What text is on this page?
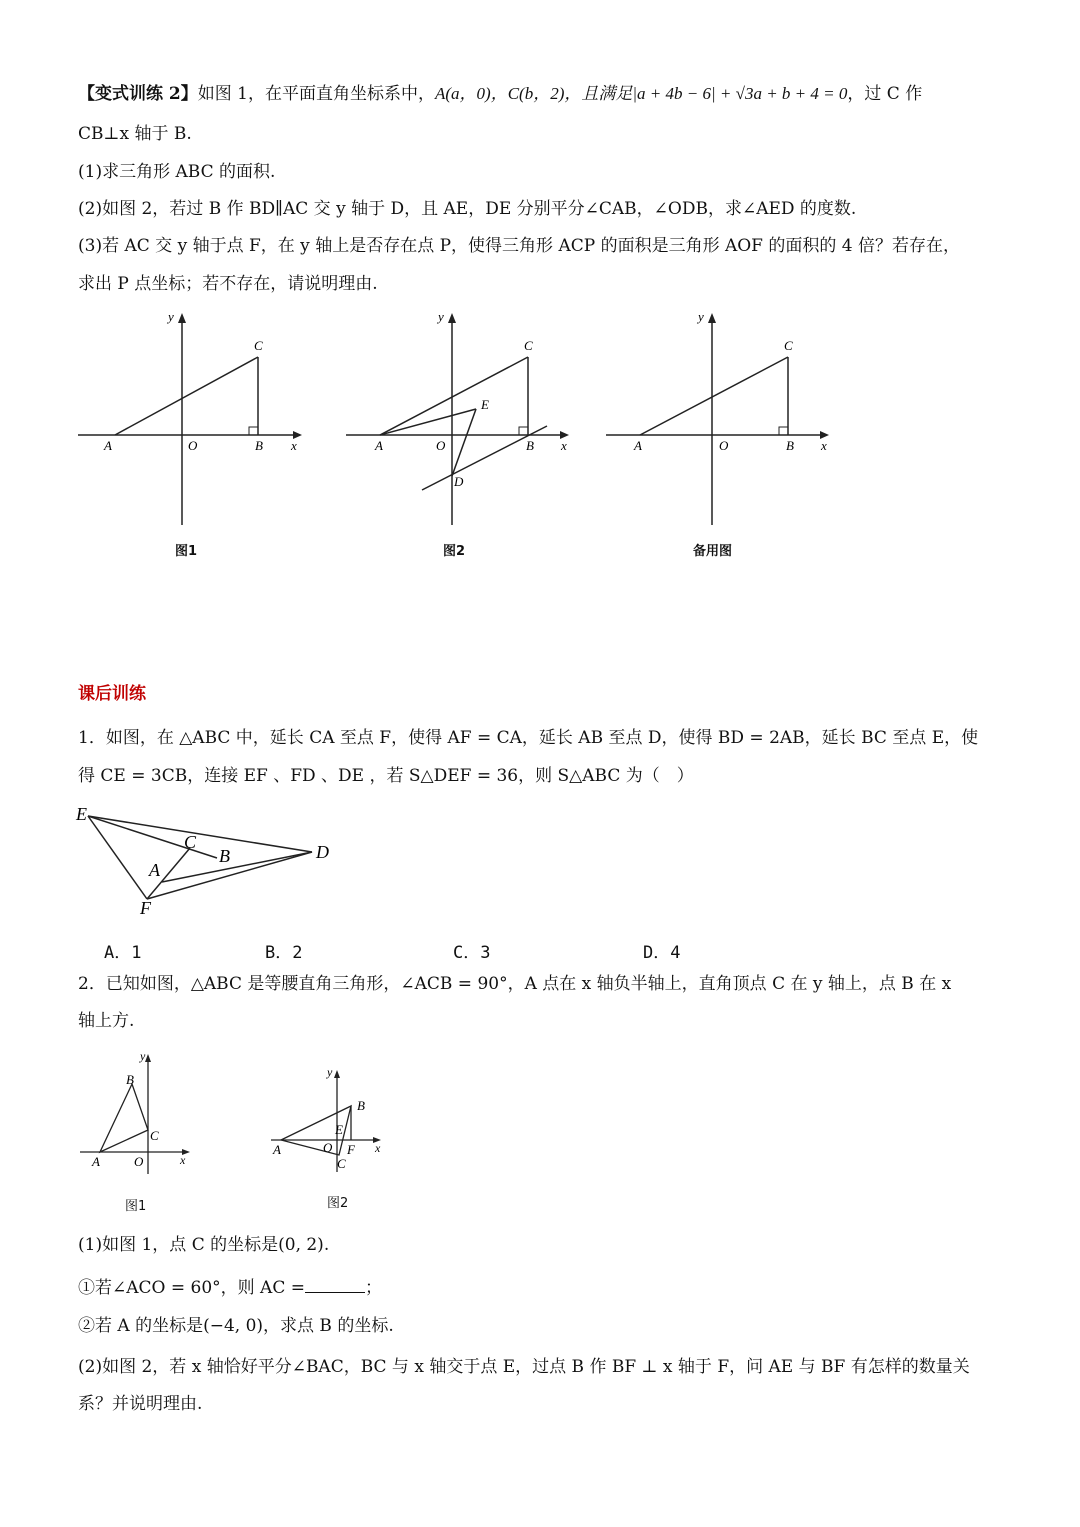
【变式训练 2】如图 1，在平面直角坐标系中，A(a，0)，C(b，2)，且满足|a + 4b − 6| + √3a + b + 4 = 0，过 C 作
CB⊥x 轴于 B.
(1)求三角形 ABC 的面积.
(2)如图 2，若过 B 作 BD∥AC 交 y 轴于 D，且 AE，DE 分别平分∠CAB，∠ODB，求∠AED 的度数.
(3)若 AC 交 y 轴于点 F，在 y 轴上是否存在点 P，使得三角形 ACP 的面积是三角形 AOF 的面积的 4 倍？若存在，
求出 P 点坐标；若不存在，请说明理由.
A	O	B x
y
C
图1
A	O	B x
y
C
E
D
图2
A	O	B x
y
C
备用图
课后训练
1．如图，在 △ABC 中，延长 CA 至点 F，使得 AF = CA，延长 AB 至点 D，使得 BD = 2AB，延长 BC 至点 E，使
得 CE = 3CB，连接 EF 、FD 、DE ，若 S△DEF = 36，则 S△ABC 为（　）
E
C
B	D
A
F
A．1	B．2	C．3	D．4
2．已知如图，△ABC 是等腰直角三角形，∠ACB = 90°，A 点在 x 轴负半轴上，直角顶点 C 在 y 轴上，点 B 在 x
轴上方.
y
x
B
C
A	O
图1
y
x
B
E
F
C
A	O
图2
(1)如图 1，点 C 的坐标是(0, 2).
①若∠ACO = 60°，则 AC =	；
②若 A 的坐标是(−4, 0)，求点 B 的坐标.
(2)如图 2，若 x 轴恰好平分∠BAC，BC 与 x 轴交于点 E，过点 B 作 BF ⊥ x 轴于 F，问 AE 与 BF 有怎样的数量关
系？并说明理由.
